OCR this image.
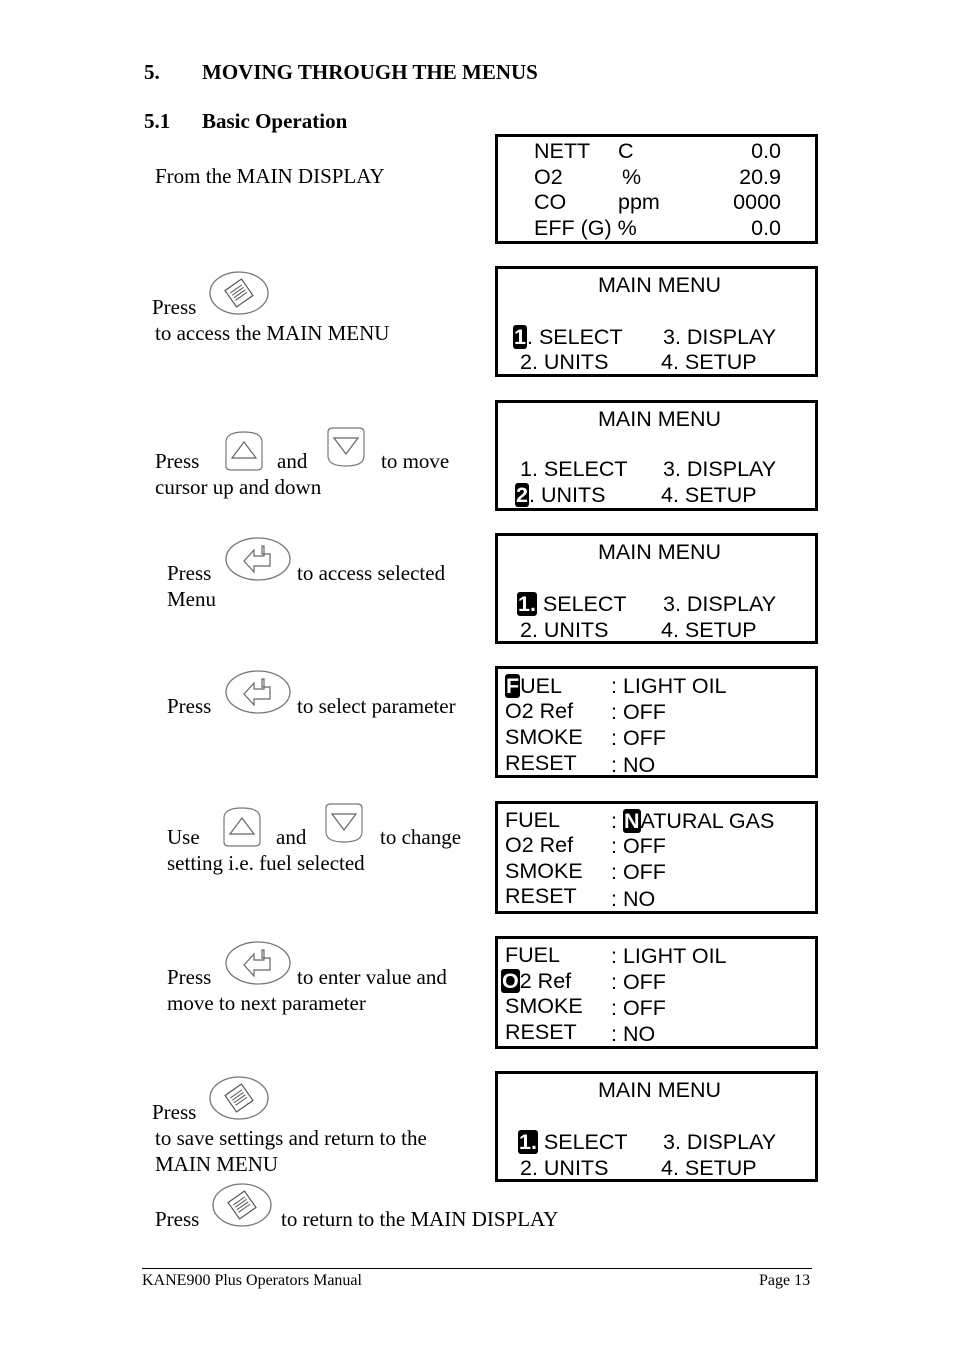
5. MOVING THROUGH THE MENUS
5.1 Basic Operation
From the MAIN DISPLAY
NETT C	0.0
O2	%	20.9
CO ppm	0000
EFF (G) %	0.0
Press
to access the MAIN MENU
MAIN MENU
1. SELECT 3. DISPLAY
2. UNITS 4. SETUP
Press	and	to move
cursor up and down
MAIN MENU
1. SELECT 3. DISPLAY
2. UNITS	4. SETUP
Press	to access selected
Menu
MAIN MENU
1. SELECT 3. DISPLAY
2. UNITS 4. SETUP
Press	to select parameter
FUEL : LIGHT OIL
O2 Ref : OFF
SMOKE : OFF
RESET : NO
Use	and	to change
setting i.e. fuel selected
FUEL : NATURAL GAS
O2 Ref : OFF
SMOKE : OFF
RESET : NO
Press	to enter value and
move to next parameter
FUEL : LIGHT OIL
O2 Ref : OFF
SMOKE : OFF
RESET : NO
Press
to save settings and return to the
MAIN MENU
MAIN MENU
1. SELECT 3. DISPLAY
2. UNITS 4. SETUP
Press	to return to the MAIN DISPLAY
KANE900 Plus Operators Manual	Page 13
